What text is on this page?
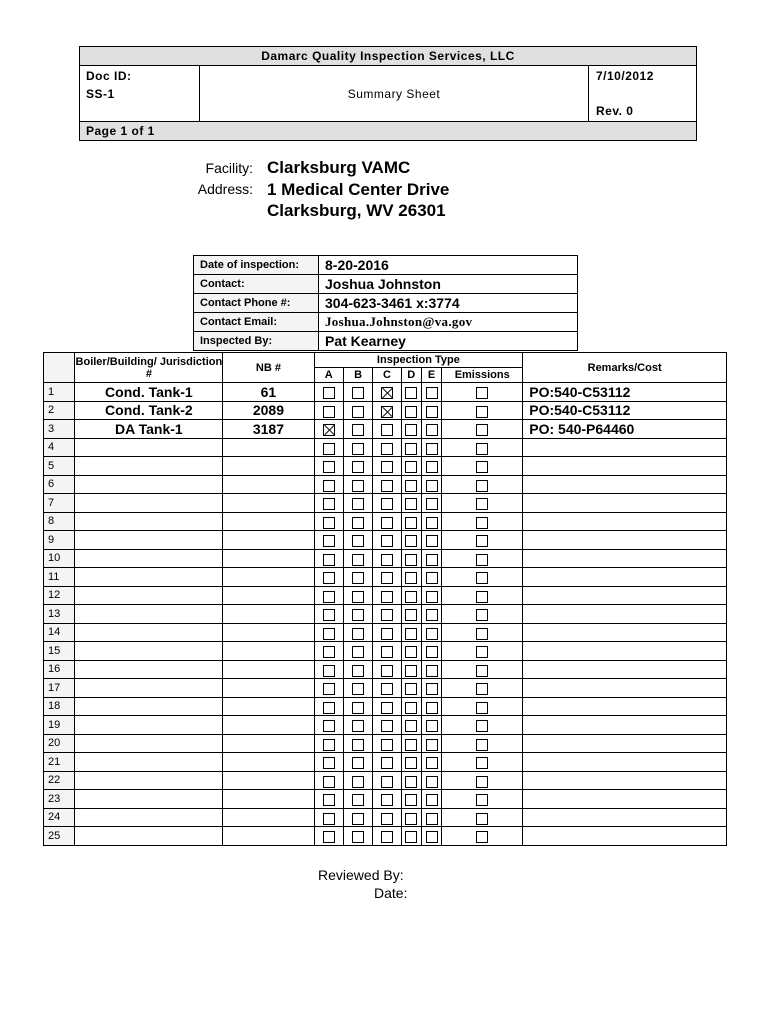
Damarc Quality Inspection Services, LLC
Doc ID:
SS-1	Summary Sheet
7/10/2012
Rev. 0
Page 1 of 1
Facility:
Address:
Clarksburg VAMC
1 Medical Center Drive
Clarksburg, WV 26301
Date of inspection:	8-20-2016
Contact:	Joshua Johnston
Contact Phone #:	304-623-3461 x:3774
Contact Email:	Joshua.Johnston@va.gov
Inspected By:	Pat Kearney
	Boiler/Building/ Jurisdiction #	NB #	Inspection Type						Remarks/Cost
			A	B	C	D	E	Emissions	
1	Cond. Tank-1	61							PO:540-C53112
2	Cond. Tank-2	2089							PO:540-C53112
3	DA Tank-1	3187							PO: 540-P64460
4									
5									
6									
7									
8									
9									
10									
11									
12									
13									
14									
15									
16									
17									
18									
19									
20									
21									
22									
23									
24									
25									
Reviewed By:
Date:
